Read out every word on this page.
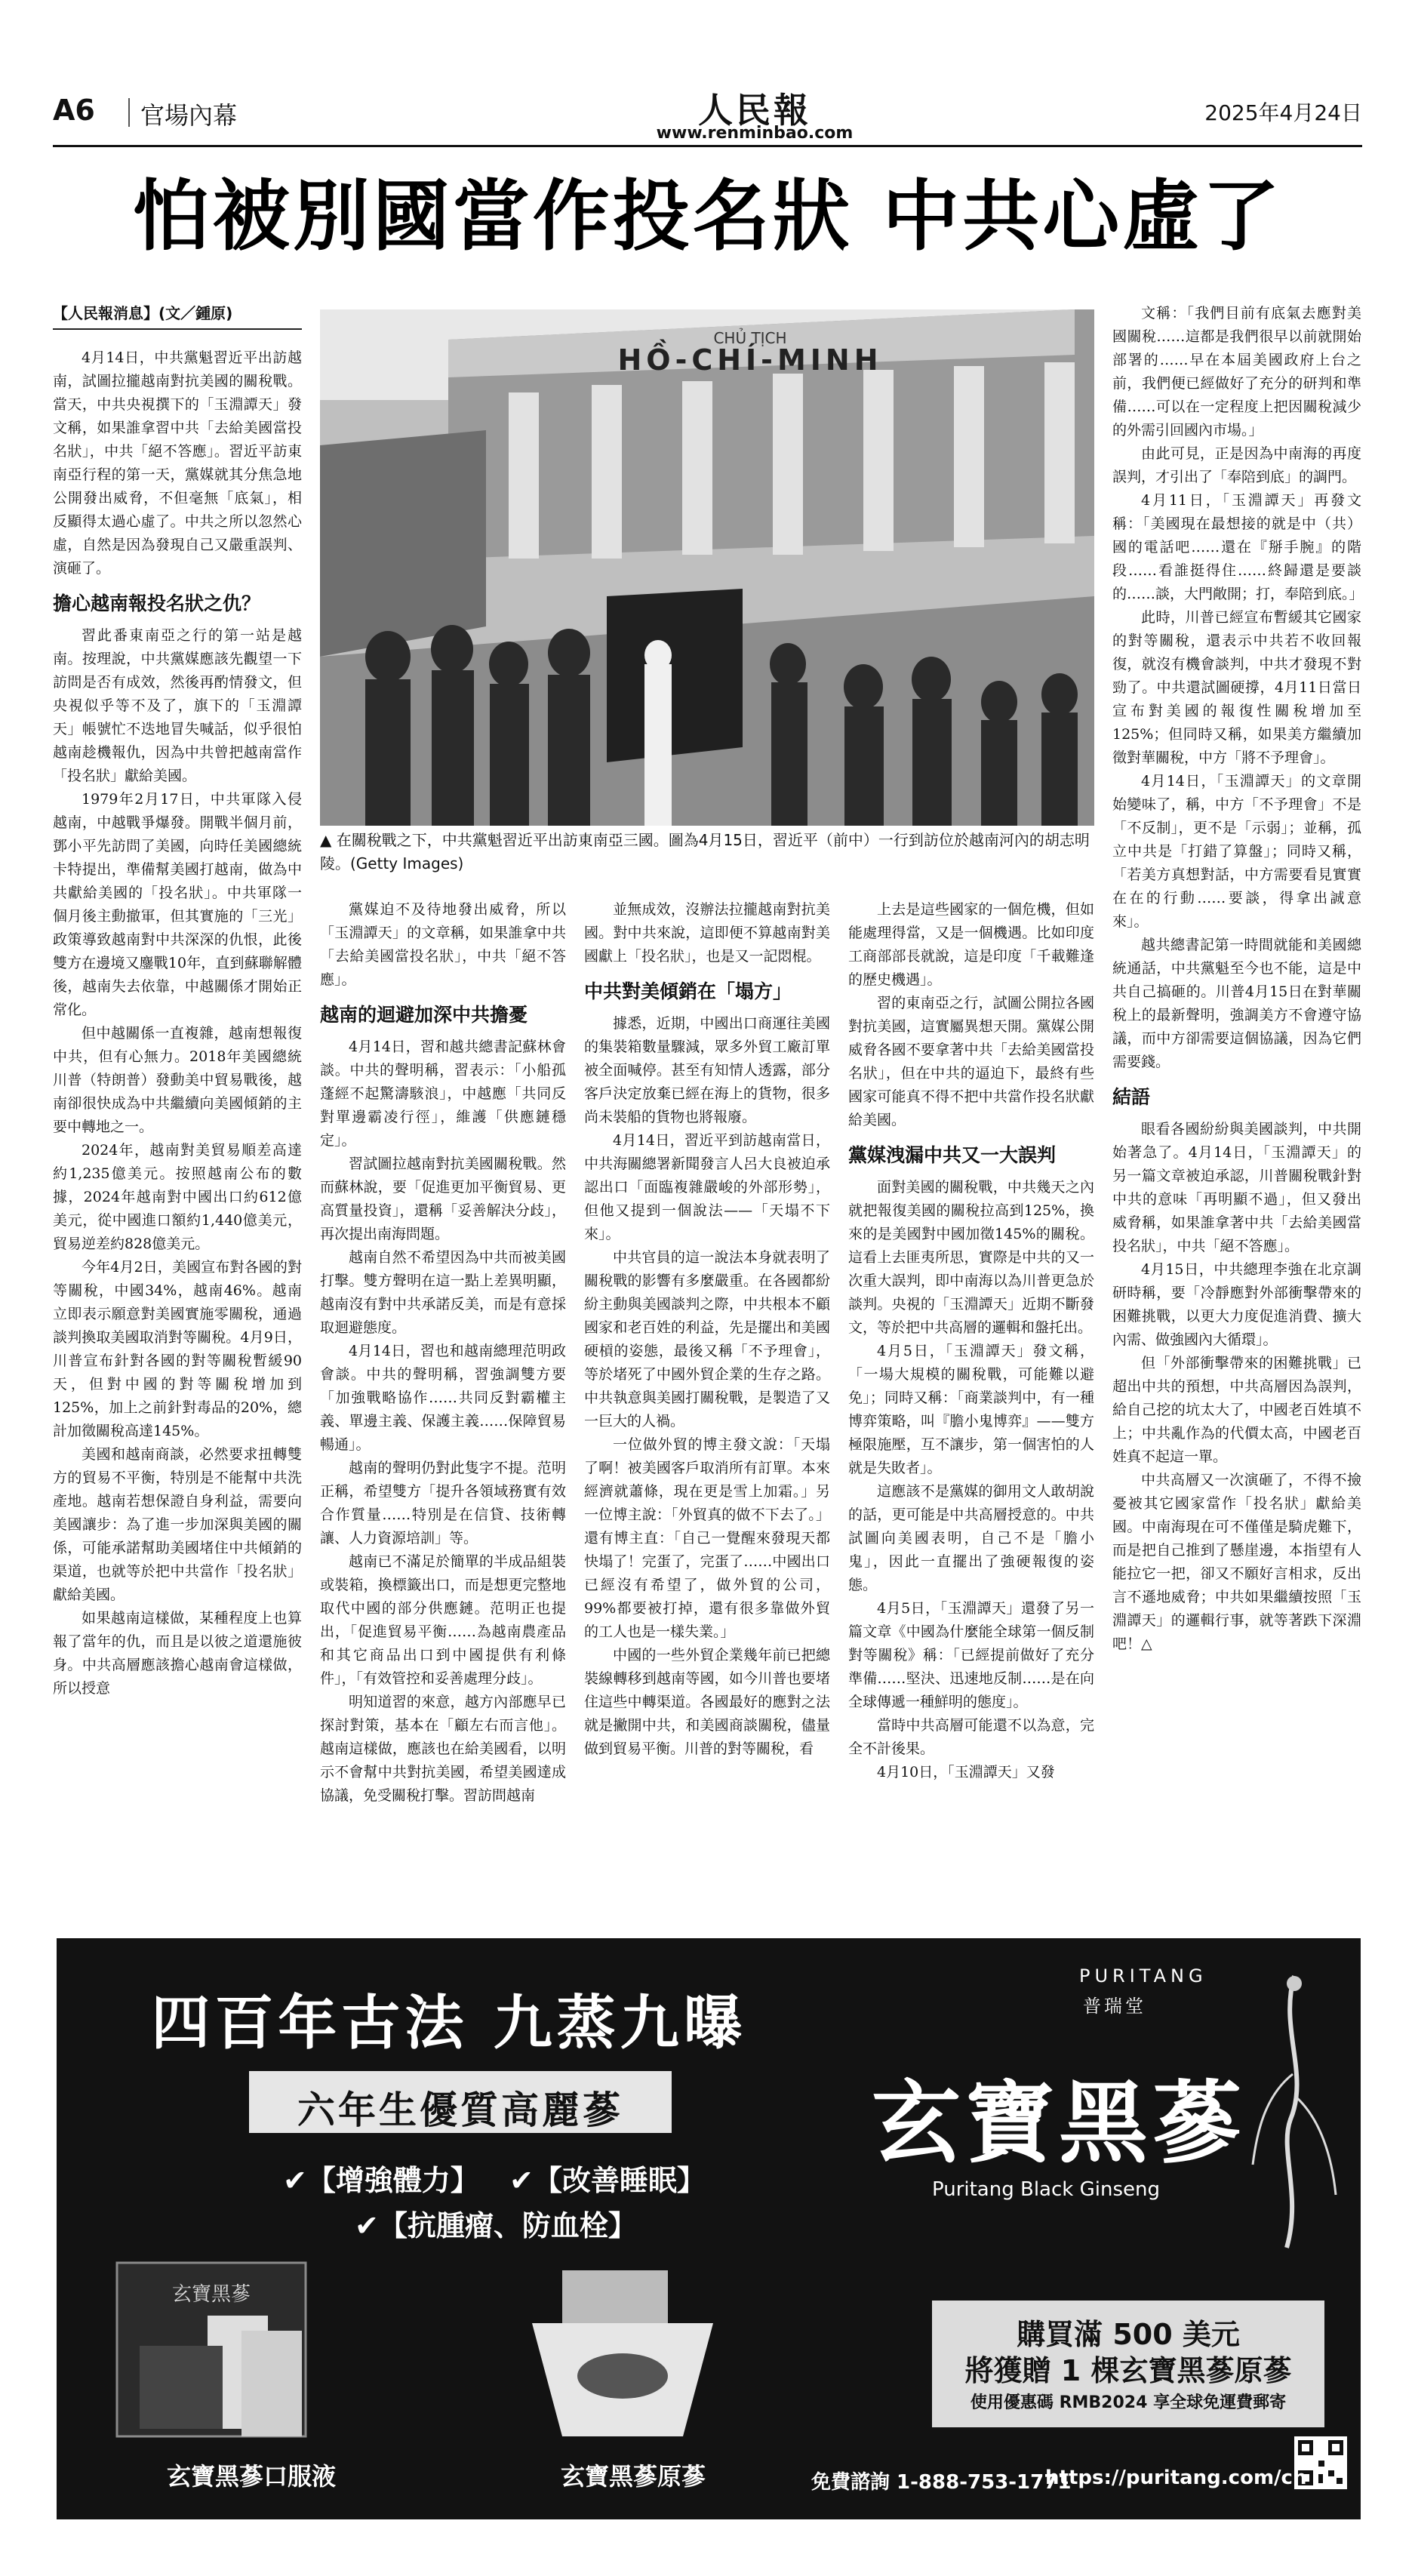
A6 官場內幕	人民報
www.renminbao.com
2025年4月24日
怕被別國當作投名狀 中共心虛了

【人民報消息】(文／鍾原)

4月14日，中共黨魁習近平出訪越南，試圖拉攏越南對抗美國的關稅戰。當天，中共央視撰下的「玉淵譚天」發文稱，如果誰拿習中共「去給美國當投名狀」，中共「絕不答應」。習近平訪東南亞行程的第一天，黨媒就其分焦急地公開發出威脅，不但毫無「底氣」，相反顯得太過心虛了。中共之所以忽然心虛，自然是因為發現自己又嚴重誤判、演砸了。

擔心越南報投名狀之仇？

習此番東南亞之行的第一站是越南。按理說，中共黨媒應該先觀望一下訪問是否有成效，然後再酌情發文，但央視似乎等不及了，旗下的「玉淵譚天」帳號忙不迭地冒失喊話，似乎很怕越南趁機報仇，因為中共曾把越南當作「投名狀」獻給美國。

1979年2月17日，中共軍隊入侵越南，中越戰爭爆發。開戰半個月前，鄧小平先訪問了美國，向時任美國總統卡特提出，準備幫美國打越南，做為中共獻給美國的「投名狀」。中共軍隊一個月後主動撤軍，但其實施的「三光」政策導致越南對中共深深的仇恨，此後雙方在邊境又鏖戰10年，直到蘇聯解體後，越南失去依靠，中越關係才開始正常化。

但中越關係一直複雜，越南想報復中共，但有心無力。2018年美國總統川普（特朗普）發動美中貿易戰後，越南卻很快成為中共繼續向美國傾銷的主要中轉地之一。

2024年，越南對美貿易順差高達約1,235億美元。按照越南公布的數據，2024年越南對中國出口約612億美元，從中國進口額約1,440億美元，貿易逆差約828億美元。

今年4月2日，美國宣布對各國的對等關稅，中國34%，越南46%。越南立即表示願意對美國實施零關稅，通過談判換取美國取消對等關稅。4月9日，川普宣布針對各國的對等關稅暫緩90天，但對中國的對等關稅增加到125%，加上之前針對毒品的20%，總計加徵關稅高達145%。

美國和越南商談，必然要求扭轉雙方的貿易不平衡，特別是不能幫中共洗產地。越南若想保證自身利益，需要向美國讓步：為了進一步加深與美國的關係，可能承諾幫助美國堵住中共傾銷的渠道，也就等於把中共當作「投名狀」獻給美國。

如果越南這樣做，某種程度上也算報了當年的仇，而且是以彼之道還施彼身。中共高層應該擔心越南會這樣做，所以授意

CHỦ TỊCH
HỒ-CHÍ-MINH
▲ 在關稅戰之下，中共黨魁習近平出訪東南亞三國。圖為4月15日，習近平（前中）一行到訪位於越南河內的胡志明陵。(Getty Images)

黨媒迫不及待地發出威脅，所以「玉淵譚天」的文章稱，如果誰拿中共「去給美國當投名狀」，中共「絕不答應」。

越南的迴避加深中共擔憂

4月14日，習和越共總書記蘇林會談。中共的聲明稱，習表示：「小船孤蓬經不起驚濤駭浪」，中越應「共同反對單邊霸凌行徑」，維護「供應鏈穩定」。

習試圖拉越南對抗美國關稅戰。然而蘇林說，要「促進更加平衡貿易、更高質量投資」，還稱「妥善解決分歧」，再次提出南海問題。

越南自然不希望因為中共而被美國打擊。雙方聲明在這一點上差異明顯，越南沒有對中共承諾反美，而是有意採取迴避態度。

4月14日，習也和越南總理范明政會談。中共的聲明稱，習強調雙方要「加強戰略協作……共同反對霸權主義、單邊主義、保護主義……保障貿易暢通」。

越南的聲明仍對此隻字不提。范明正稱，希望雙方「提升各領域務實有效合作質量……特別是在信貸、技術轉讓、人力資源培訓」等。

越南已不滿足於簡單的半成品組裝或裝箱，換標籤出口，而是想更完整地取代中國的部分供應鏈。范明正也提出，「促進貿易平衡……為越南農產品和其它商品出口到中國提供有利條件」，「有效管控和妥善處理分歧」。

明知道習的來意，越方內部應早已探討對策，基本在「顧左右而言他」。越南這樣做，應該也在給美國看，以明示不會幫中共對抗美國，希望美國達成協議，免受關稅打擊。習訪問越南

並無成效，沒辦法拉攏越南對抗美國。對中共來說，這即便不算越南對美國獻上「投名狀」，也是又一記悶棍。

中共對美傾銷在「塌方」

據悉，近期，中國出口商運往美國的集裝箱數量驟減，眾多外貿工廠訂單被全面喊停。甚至有知情人透露，部分客戶決定放棄已經在海上的貨物，很多尚未裝船的貨物也將報廢。

4月14日，習近平到訪越南當日，中共海關總署新聞發言人呂大良被迫承認出口「面臨複雜嚴峻的外部形勢」，但他又提到一個說法——「天塌不下來」。

中共官員的這一說法本身就表明了關稅戰的影響有多麼嚴重。在各國都紛紛主動與美國談判之際，中共根本不顧國家和老百姓的利益，先是擺出和美國硬槓的姿態，最後又稱「不予理會」，等於堵死了中國外貿企業的生存之路。中共執意與美國打關稅戰，是製造了又一巨大的人禍。

一位做外貿的博主發文說：「天塌了啊！被美國客戶取消所有訂單。本來經濟就蕭條，現在更是雪上加霜。」另一位博主說：「外貿真的做不下去了。」還有博主直：「自己一覺醒來發現天都快塌了！完蛋了，完蛋了……中國出口已經沒有希望了，做外貿的公司，99%都要被打掉，還有很多靠做外貿的工人也是一樣失業。」

中國的一些外貿企業幾年前已把總裝線轉移到越南等國，如今川普也要堵住這些中轉渠道。各國最好的應對之法就是撇開中共，和美國商談關稅，儘量做到貿易平衡。川普的對等關稅，看

上去是這些國家的一個危機，但如能處理得當，又是一個機遇。比如印度工商部部長就說，這是印度「千載難逢的歷史機遇」。

習的東南亞之行，試圖公開拉各國對抗美國，這實屬異想天開。黨媒公開威脅各國不要拿著中共「去給美國當投名狀」，但在中共的逼迫下，最終有些國家可能真不得不把中共當作投名狀獻給美國。

黨媒洩漏中共又一大誤判

面對美國的關稅戰，中共幾天之內就把報復美國的關稅拉高到125%，換來的是美國對中國加徵145%的關稅。這看上去匪夷所思，實際是中共的又一次重大誤判，即中南海以為川普更急於談判。央視的「玉淵譚天」近期不斷發文，等於把中共高層的邏輯和盤托出。

4月5日，「玉淵譚天」發文稱，「一場大規模的關稅戰，可能難以避免」；同時又稱：「商業談判中，有一種博弈策略，叫『膽小鬼博弈』——雙方極限施壓，互不讓步，第一個害怕的人就是失敗者」。

這應該不是黨媒的御用文人敢胡說的話，更可能是中共高層授意的。中共試圖向美國表明，自己不是「膽小鬼」，因此一直擺出了強硬報復的姿態。

4月5日，「玉淵譚天」還發了另一篇文章《中國為什麼能全球第一個反制對等關稅》稱：「已經提前做好了充分準備……堅決、迅速地反制……是在向全球傳遞一種鮮明的態度」。

當時中共高層可能還不以為意，完全不計後果。

4月10日，「玉淵譚天」又發

文稱：「我們目前有底氣去應對美國關稅……這都是我們很早以前就開始部署的……早在本屆美國政府上台之前，我們便已經做好了充分的研判和準備……可以在一定程度上把因關稅減少的外需引回國內市場。」

由此可見，正是因為中南海的再度誤判，才引出了「奉陪到底」的調門。

4月11日，「玉淵譚天」再發文稱：「美國現在最想接的就是中（共）國的電話吧……還在『掰手腕』的階段……看誰挺得住……終歸還是要談的……談，大門敞開；打，奉陪到底。」

此時，川普已經宣布暫緩其它國家的對等關稅，還表示中共若不收回報復，就沒有機會談判，中共才發現不對勁了。中共還試圖硬撐，4月11日當日宣布對美國的報復性關稅增加至125%；但同時又稱，如果美方繼續加徵對華關稅，中方「將不予理會」。

4月14日，「玉淵譚天」的文章開始變味了，稱，中方「不予理會」不是「不反制」，更不是「示弱」；並稱，孤立中共是「打錯了算盤」；同時又稱，「若美方真想對話，中方需要看見實實在在的行動……要談，得拿出誠意來」。

越共總書記第一時間就能和美國總統通話，中共黨魁至今也不能，這是中共自己搞砸的。川普4月15日在對華關稅上的最新聲明，強調美方不會遵守協議，而中方卻需要這個協議，因為它們需要錢。

結語

眼看各國紛紛與美國談判，中共開始著急了。4月14日，「玉淵譚天」的另一篇文章被迫承認，川普關稅戰針對中共的意味「再明顯不過」，但又發出威脅稱，如果誰拿著中共「去給美國當投名狀」，中共「絕不答應」。

4月15日，中共總理李強在北京調研時稱，要「冷靜應對外部衝擊帶來的困難挑戰，以更大力度促進消費、擴大內需、做強國內大循環」。

但「外部衝擊帶來的困難挑戰」已超出中共的預想，中共高層因為誤判，給自己挖的坑太大了，中國老百姓填不上；中共亂作為的代價太高，中國老百姓真不起這一單。

中共高層又一次演砸了，不得不撿憂被其它國家當作「投名狀」獻給美國。中南海現在可不僅僅是騎虎難下，而是把自己推到了懸崖邊，本指望有人能拉它一把，卻又不願好言相求，反出言不遜地威脅；中共如果繼續按照「玉淵譚天」的邏輯行事，就等著跌下深淵吧！△

四百年古法 九蒸九曝
六年生優質高麗蔘
✔【增強體力】 ✔【改善睡眠】
✔【抗腫瘤、防血栓】
玄寶黑蔘
玄寶黑蔘口服液	玄寶黑蔘原蔘
PURITANG
普瑞堂
玄寶黑蔘
Puritang Black Ginseng
購買滿 500 美元
將獲贈 1 棵玄寶黑蔘原蔘
使用優惠碼 RMB2024 享全球免運費郵寄
免費諮詢 1-888-753-1771
https://puritang.com/cn
